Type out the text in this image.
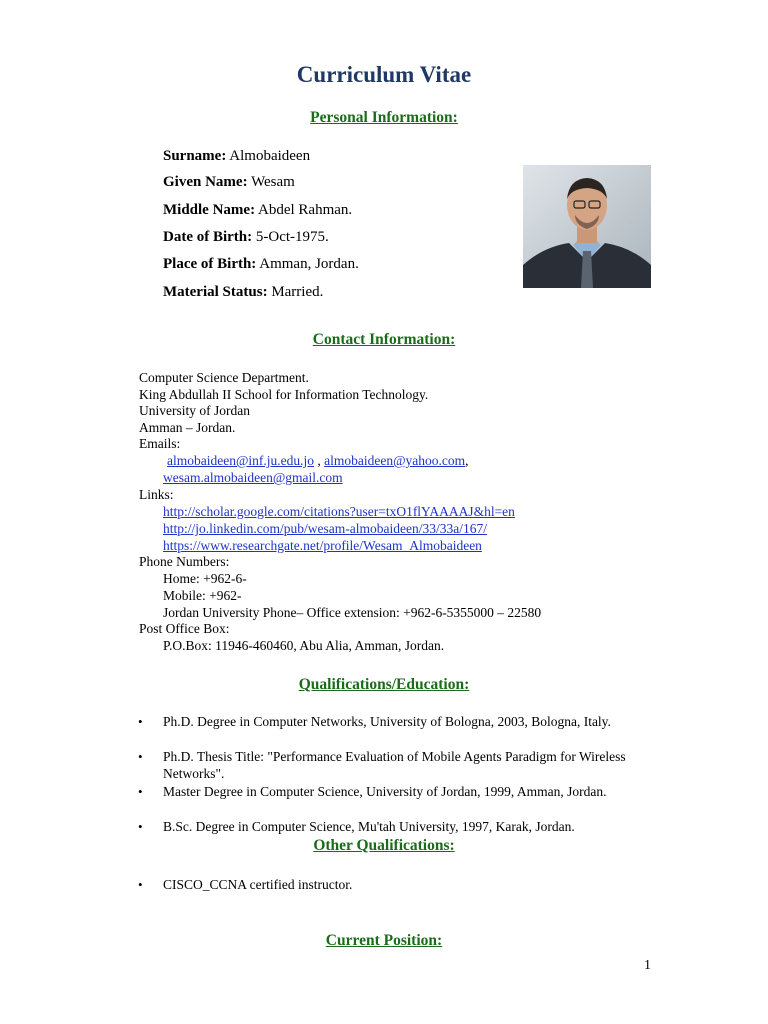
Curriculum Vitae
Personal Information:
Surname: Almobaideen
Given Name: Wesam
Middle Name: Abdel Rahman.
Date of Birth: 5-Oct-1975.
Place of Birth: Amman, Jordan.
Material Status: Married.
Contact Information:
Computer Science Department.
King Abdullah II School for Information Technology.
University of Jordan
Amman – Jordan.
Emails:
almobaideen@inf.ju.edu.jo , almobaideen@yahoo.com,
wesam.almobaideen@gmail.com
Links:
http://scholar.google.com/citations?user=txO1flYAAAAJ&hl=en
http://jo.linkedin.com/pub/wesam-almobaideen/33/33a/167/
https://www.researchgate.net/profile/Wesam_Almobaideen
Phone Numbers:
Home: +962-6-
Mobile: +962-
Jordan University Phone– Office extension: +962-6-5355000 – 22580
Post Office Box:
P.O.Box: 11946-460460, Abu Alia, Amman, Jordan.
Qualifications/Education:
• Ph.D. Degree in Computer Networks, University of Bologna, 2003, Bologna, Italy.
• Ph.D. Thesis Title: "Performance Evaluation of Mobile Agents Paradigm for Wireless Networks".
• Master Degree in Computer Science, University of Jordan, 1999, Amman, Jordan.
• B.Sc. Degree in Computer Science, Mu'tah University, 1997, Karak, Jordan.
Other Qualifications:
• CISCO_CCNA certified instructor.
Current Position:
1
